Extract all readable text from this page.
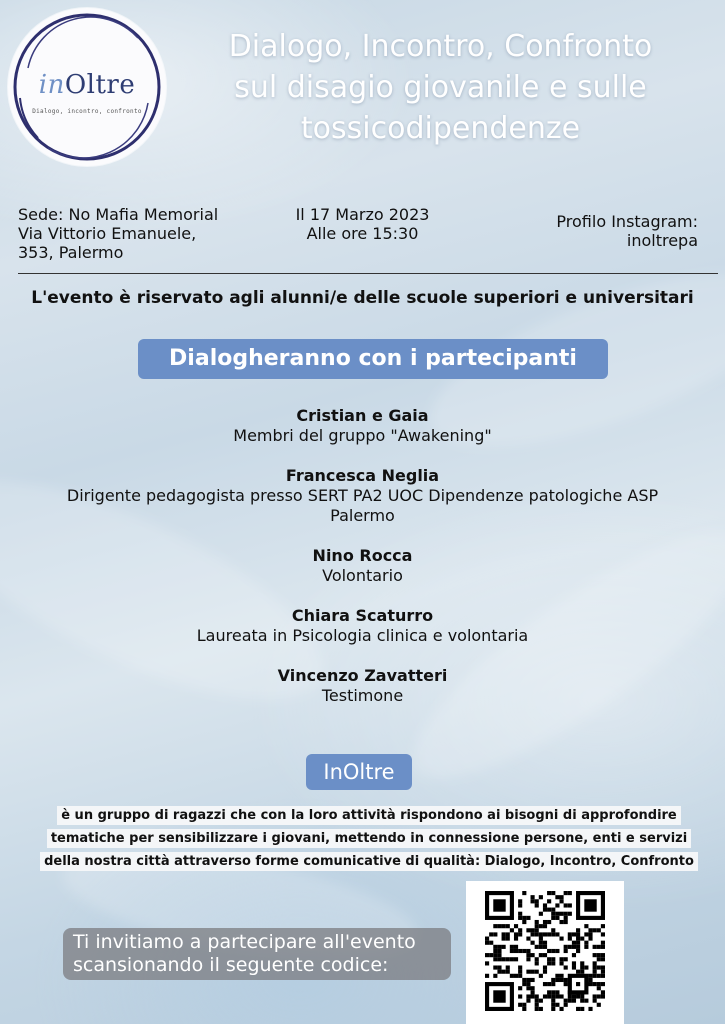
inOltre
Dialogo, incontro, confronto
Dialogo, Incontro, Confronto
sul disagio giovanile e sulle
tossicodipendenze
Sede: No Mafia Memorial
Via Vittorio Emanuele,
353, Palermo
Il 17 Marzo 2023
Alle ore 15:30
Profilo Instagram:
inoltrepa
L'evento è riservato agli alunni/e delle scuole superiori e universitari
Dialogheranno con i partecipanti
Cristian e Gaia
Membri del gruppo "Awakening"
Francesca Neglia
Dirigente pedagogista presso SERT PA2 UOC Dipendenze patologiche ASP
Palermo
Nino Rocca
Volontario
Chiara Scaturro
Laureata in Psicologia clinica e volontaria
Vincenzo Zavatteri
Testimone
InOltre
è un gruppo di ragazzi che con la loro attività rispondono ai bisogni di approfondire
tematiche per sensibilizzare i giovani, mettendo in connessione persone, enti e servizi
della nostra città attraverso forme comunicative di qualità: Dialogo, Incontro, Confronto
Ti invitiamo a partecipare all'evento
scansionando il seguente codice:
